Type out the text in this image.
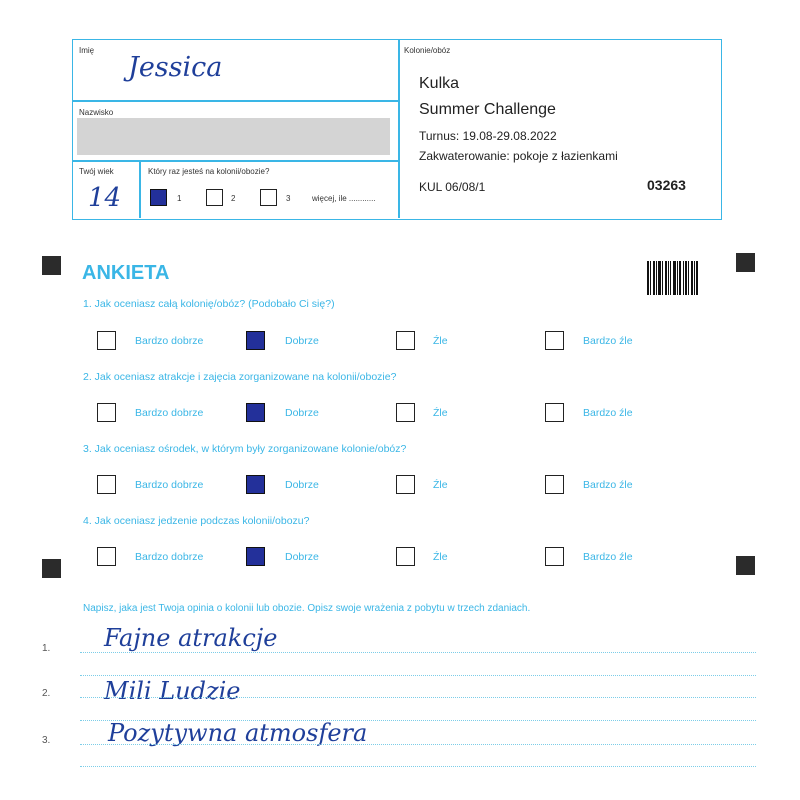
Imię
Jessica
Nazwisko
Twój wiek
14
Który raz jesteś na kolonii/obozie?
1	2	3	więcej, ile ............
Kolonie/obóz
Kulka
Summer Challenge
Turnus: 19.08-29.08.2022
Zakwaterowanie: pokoje z łazienkami
KUL 06/08/1	03263
ANKIETA
1. Jak oceniasz całą kolonię/obóz? (Podobało Ci się?)
Bardzo dobrze	Dobrze	Źle	Bardzo źle
2. Jak oceniasz atrakcje i zajęcia zorganizowane na kolonii/obozie?
Bardzo dobrze	Dobrze	Źle	Bardzo źle
3. Jak oceniasz ośrodek, w którym były zorganizowane kolonie/obóz?
Bardzo dobrze	Dobrze	Źle	Bardzo źle
4. Jak oceniasz jedzenie podczas kolonii/obozu?
Bardzo dobrze	Dobrze	Źle	Bardzo źle
Napisz, jaka jest Twoja opinia o kolonii lub obozie. Opisz swoje wrażenia z pobytu w trzech zdaniach.
1. Fajne atrakcje
2. Mili Ludzie
3. Pozytywna atmosfera
